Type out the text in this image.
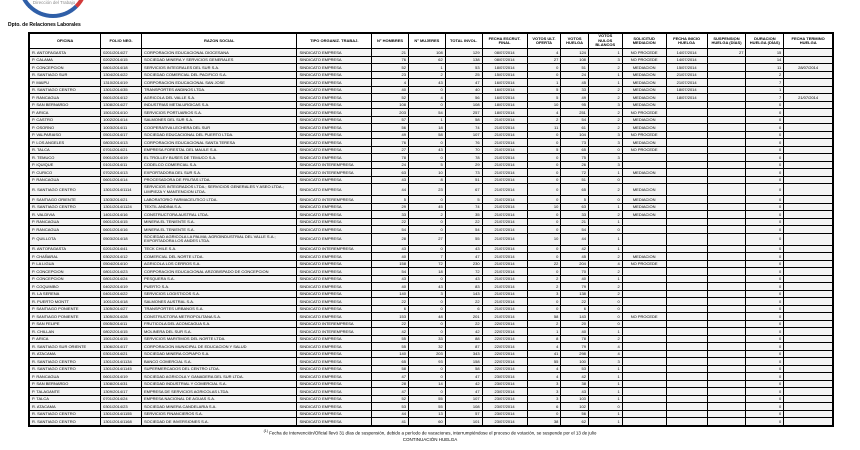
Dirección del Trabajo
Dpto. de Relaciones Laborales
OFICINA	FOLIO NEG.	RAZON SOCIAL	TIPO ORGANIZ. TRABAJ.	N° HOMBRES	N° MUJERES	TOTAL INVOL.	FECHA ESCRUT. FINAL	VOTOS ULT. OFERTA	VOTOS HUELGA	VOTOS NULOS BLANCOS	SOLICITUD MEDIACION	FECHA INICIO HUELGA	SUSPENSION HUELGA (DÍAS)	DURACION HUELGA (DÍAS)	FECHA TERMINO HUELGA
R. ANTOFAGASTA	0201/2014/27	CORPORACION EDUCACIONAL DIOCESANA	SINDICATO EMPRESA	21	108	129	08/07/2014	4	124	1	NO PROCEDE	14/07/2014	27	15	
P. CALAMA	0202/2014/15	SOCIEDAD MINERA Y SERVICIOS GENERALES	SINDICATO EMPRESA	76	62	138	08/07/2014	27	108	3	NO PROCEDE	14/07/2014		14	
P. CONCEPCION	0801/2014/18	SERVICIOS INTEGRALES DEL SUR S.A.	SINDICATO EMPRESA	52	1	53	18/07/2014	0	51	2	MEDIACION	15/07/2014		11	28/07/2014
R. SANTIAGO SUR	1304/2014/22	SOCIEDAD COMERCIAL DEL PACIFICO S.A.	SINDICATO EMPRESA	23	2	25	15/07/2014	0	24	1	MEDIACION	21/07/2014		2	
P. MAIPU	1310/2014/19	CORPORACION EDUCACIONAL SAN JOSE	SINDICATO EMPRESA	4	43	47	16/07/2014	1	45	1	MEDIACION	21/07/2014		7	
R. SANTIAGO CENTRO	1301/2014/35	TRANSPORTES ANDINOS LTDA.	SINDICATO EMPRESA	40	0	40	16/07/2014	5	33	2	MEDIACION	18/07/2014		1	
P. RANCAGUA	0601/2014/12	AGRICOLA DEL VALLE S.A.	SINDICATO EMPRESA	52	4	56	16/07/2014	5	49	2	MEDIACION	18/07/2014		7	21/07/2014
P. SAN BERNARDO	1308/2014/27	INDUSTRIAS METALURGICAS S.A.	SINDICATO EMPRESA	108	0	108	18/07/2014	10	95	3	MEDIACION			0	
P. ARICA	1501/2014/10	SERVICIOS PORTUARIOS S.A.	SINDICATO EMPRESA	203	54	257	18/07/2014	4	251	2	NO PROCEDE			0	
P. CASTRO	1002/2014/14	SALMONES DEL SUR S.A.	SINDICATO EMPRESA	57	1	58	21/07/2014	2	54	2	MEDIACION			0	
P. OSORNO	1003/2014/11	COOPERATIVA LECHERA DEL SUR	SINDICATO EMPRESA	56	18	74	21/07/2014	11	61	2	MEDIACION			0	
P. VALPARAISO	0501/2014/17	SOCIEDAD EDUCACIONAL DEL PUERTO LTDA.	SINDICATO EMPRESA	49	58	107	21/07/2014	0	104	3	NO PROCEDE			0	
P. LOS ANGELES	0803/2014/13	CORPORACION EDUCACIONAL SANTA TERESA	SINDICATO EMPRESA	76	0	76	21/07/2014	0	73	3	MEDIACION			0	
R. TALCA	0701/2014/21	EMPRESA FORESTAL DEL MAULE S.A.	SINDICATO EMPRESA	27	43	70	21/07/2014	5	65	0	NO PROCEDE			0	
R. TEMUCO	0901/2014/19	EL TROLLEY BUSES DE TEMUCO S.A.	SINDICATO EMPRESA	78	0	78	21/07/2014	0	75	3				0	
P. IQUIQUE	0101/2014/11	CODELCO COMERCIAL S.A.	SINDICATO INTEREMPRESA	24	5	29	21/07/2014	0	26	3				0	
P. CURICO	0702/2014/13	EXPORTADORA DEL SUR S.A.	SINDICATO INTEREMPRESA	63	10	73	21/07/2014	0	72	1	MEDIACION			0	
P. RANCAGUA	0601/2014/14	PROCESADORA DE FRUTAS LTDA.	SINDICATO EMPRESA	43	8	51	21/07/2014	0	51	0				0	
R. SANTIAGO CENTRO	1301/2014/1114	SERVICIOS INTEGRADOS LTDA.; SERVICIOS GENERALES Y ASEO LTDA.; LIMPIEZA Y MANTENCION LTDA.	SINDICATO EMPRESA	44	23	67	21/07/2014	0	65	2	MEDIACION			0	
P. SANTIAGO ORIENTE	1303/2014/21	LABORATORIO FARMACEUTICO LTDA.	SINDICATO INTEREMPRESA	5	0	5	21/07/2014	0	5	0	MEDIACION			0	
R. SANTIAGO CENTRO	1301/2014/1124	TEXTIL ANDINA S.A.	SINDICATO EMPRESA	29	45	74	21/07/2014	10	63	1	MEDIACION			0	
R. VALDIVIA	1401/2014/16	CONSTRUCTORA AUSTRAL LTDA.	SINDICATO EMPRESA	33	2	35	21/07/2014	0	33	2	MEDIACION			0	
P. RANCAGUA	0601/2014/15	MINERA EL TENIENTE S.A.	SINDICATO EMPRESA	22	0	22	21/07/2014	0	21	1				0	
P. RANCAGUA	0601/2014/16	MINERA EL TENIENTE S.A.	SINDICATO EMPRESA	54	0	54	21/07/2014	0	54	0				0	
P. QUILLOTA	0503/2014/18	SOCIEDAD AGRICOLA LA PALMA; AGROINDUSTRIAL DEL VALLE S.A.; EXPORTADORA LOS ANDES LTDA.	SINDICATO EMPRESA	28	27	55	21/07/2014	10	44	1				0	
R. ANTOFAGASTA	0201/2014/41	TECK CHILE S.A.	SINDICATO INTEREMPRESA	43	0	43	21/07/2014	0	42	1				0	
P. CHAÑARAL	0302/2014/12	COMERCIAL DEL NORTE LTDA.	SINDICATO EMPRESA	40	7	47	21/07/2014	0	45	2	MEDIACION			0	
P. LA LIGUA	0504/2014/10	AGRICOLA LOS CERROS S.A.	SINDICATO EMPRESA	158	72	230	21/07/2014	22	204	4	NO PROCEDE			0	
P. CONCEPCION	0801/2014/23	CORPORACION EDUCACIONAL ARZOBISPADO DE CONCEPCION	SINDICATO EMPRESA	54	18	72	21/07/2014	0	70	2				0	
P. CONCEPCION	0801/2014/24	PESQUERA S.A.	SINDICATO EMPRESA	43	0	43	21/07/2014	2	40	1				0	
P. COQUIMBO	0402/2014/19	PUERTO S.A.	SINDICATO EMPRESA	40	43	83	21/07/2014	2	79	2				0	
R. LA SERENA	0401/2014/22	SERVICIOS LOGISTICOS S.A.	SINDICATO EMPRESA	140	3	143	21/07/2014	3	138	2				0	
R. PUERTO MONTT	1001/2014/18	SALMONES AUSTRAL S.A.	SINDICATO EMPRESA	22	0	22	21/07/2014	0	22	0				0	
P. SANTIAGO PONIENTE	1305/2014/27	TRANSPORTES URBANOS S.A.	SINDICATO EMPRESA	6	0	6	21/07/2014	0	6	0				0	
P. SANTIAGO PONIENTE	1305/2014/28	CONSTRUCTORA METROPOLITANA S.A.	SINDICATO EMPRESA	153	48	201	21/07/2014	58	143	0	NO PROCEDE			0	
P. SAN FELIPE	0505/2014/11	FRUTICOLA DEL ACONCAGUA S.A.	SINDICATO INTEREMPRESA	22	0	22	22/07/2014	2	20	0				0	
R. CHILLAN	0802/2014/15	MOLINERA DEL SUR S.A.	SINDICATO INTEREMPRESA	42	0	42	22/07/2014	1	40	1				0	
P. ARICA	1501/2014/15	SERVICIOS MARITIMOS DEL NORTE LTDA.	SINDICATO EMPRESA	55	33	88	22/07/2014	8	78	2				0	
R. SANTIAGO SUR ORIENTE	1306/2014/17	CORPORACION MUNICIPAL DE EDUCACION Y SALUD	SINDICATO EMPRESA	55	32	87	22/07/2014	4	79	4				0	
R. ATACAMA	0301/2014/21	SOCIEDAD MINERA COPIAPO S.A.	SINDICATO EMPRESA	140	203	343	22/07/2014	41	298	4				0	
R. SANTIAGO CENTRO	1301/2014/1134	BANCO COMERCIAL S.A.	SINDICATO EMPRESA	65	93	158	22/07/2014	55	100	3				0	
R. SANTIAGO CENTRO	1301/2014/1145	SUPERMERCADOS DEL CENTRO LTDA.	SINDICATO EMPRESA	58	0	58	22/07/2014	4	53	1				0	
P. RANCAGUA	0601/2014/19	SOCIEDAD AGRICOLA Y GANADERA DEL SUR LTDA.	SINDICATO EMPRESA	47	0	47	23/07/2014	4	42	1				0	
P. SAN BERNARDO	1308/2014/31	SOCIEDAD INDUSTRIAL Y COMERCIAL S.A.	SINDICATO EMPRESA	28	14	42	23/07/2014	3	38	1				0	
P. TALAGANTE	1309/2014/17	EMPRESA DE SERVICIOS AGRICOLAS LTDA.	SINDICATO EMPRESA	47	0	47	23/07/2014	3	43	1				0	
P. TALCA	0701/2014/24	EMPRESA NACIONAL DE AGUAS S.A.	SINDICATO EMPRESA	52	55	107	23/07/2014	3	103	1				0	
R. ATACAMA	0301/2014/23	SOCIEDAD MINERA CANDELARIA S.A.	SINDICATO EMPRESA	53	55	108	23/07/2014	6	102	0				0	
R. SANTIAGO CENTRO	1301/2014/1155	SERVICIOS FINANCIEROS S.A.	SINDICATO EMPRESA	44	13	57	23/07/2014	0	56	1				0	
R. SANTIAGO CENTRO	1301/2014/1168	SOCIEDAD DE INVERSIONES S.A.	SINDICATO EMPRESA	41	60	101	23/07/2014	38	62	1				0	
$^{(1)}$ Fecha de Intervención/Oficial llevó 31 días de suspensión, debido a período de vacaciones, interrumpiéndose el proceso de votación, se suspende por el 13 de julio
CONTINUACIÓN HUELGA
